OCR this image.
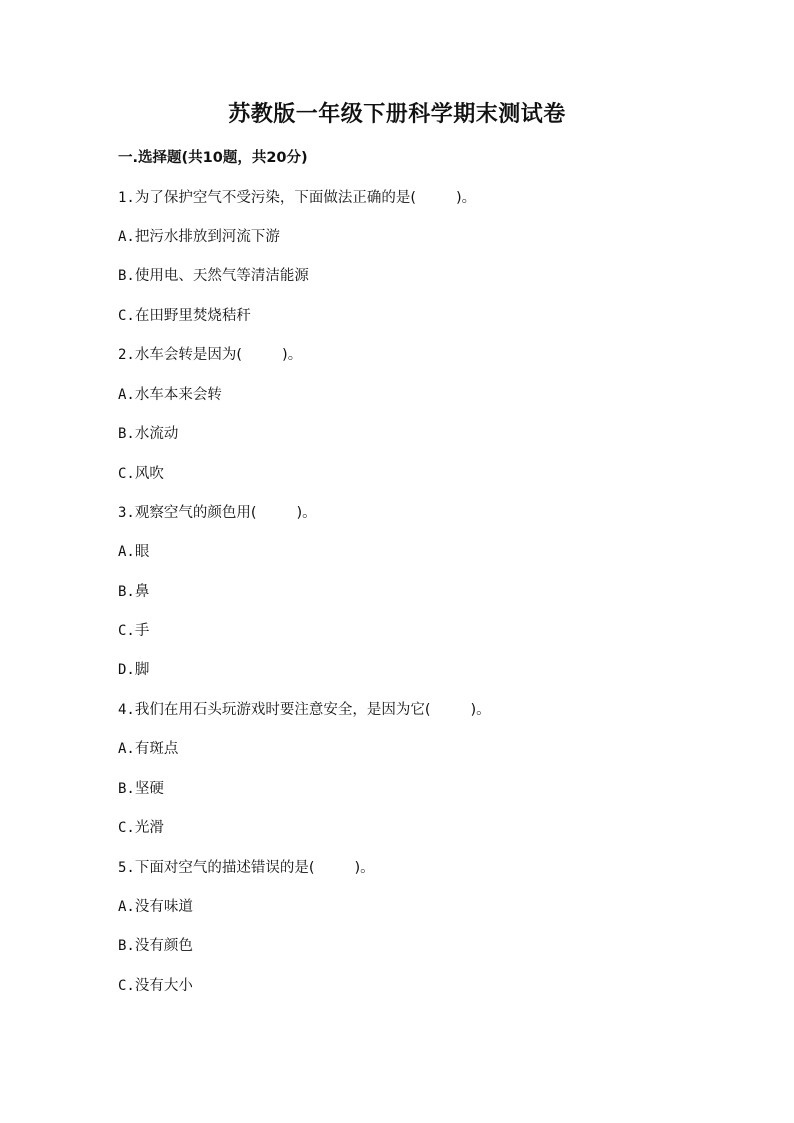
苏教版一年级下册科学期末测试卷
一.选择题(共10题，共20分)
1.为了保护空气不受污染，下面做法正确的是(	)。
A.把污水排放到河流下游
B.使用电、天然气等清洁能源
C.在田野里焚烧秸秆
2.水车会转是因为(	)。
A.水车本来会转
B.水流动
C.风吹
3.观察空气的颜色用(	)。
A.眼
B.鼻
C.手
D.脚
4.我们在用石头玩游戏时要注意安全，是因为它(	)。
A.有斑点
B.坚硬
C.光滑
5.下面对空气的描述错误的是(	)。
A.没有味道
B.没有颜色
C.没有大小
